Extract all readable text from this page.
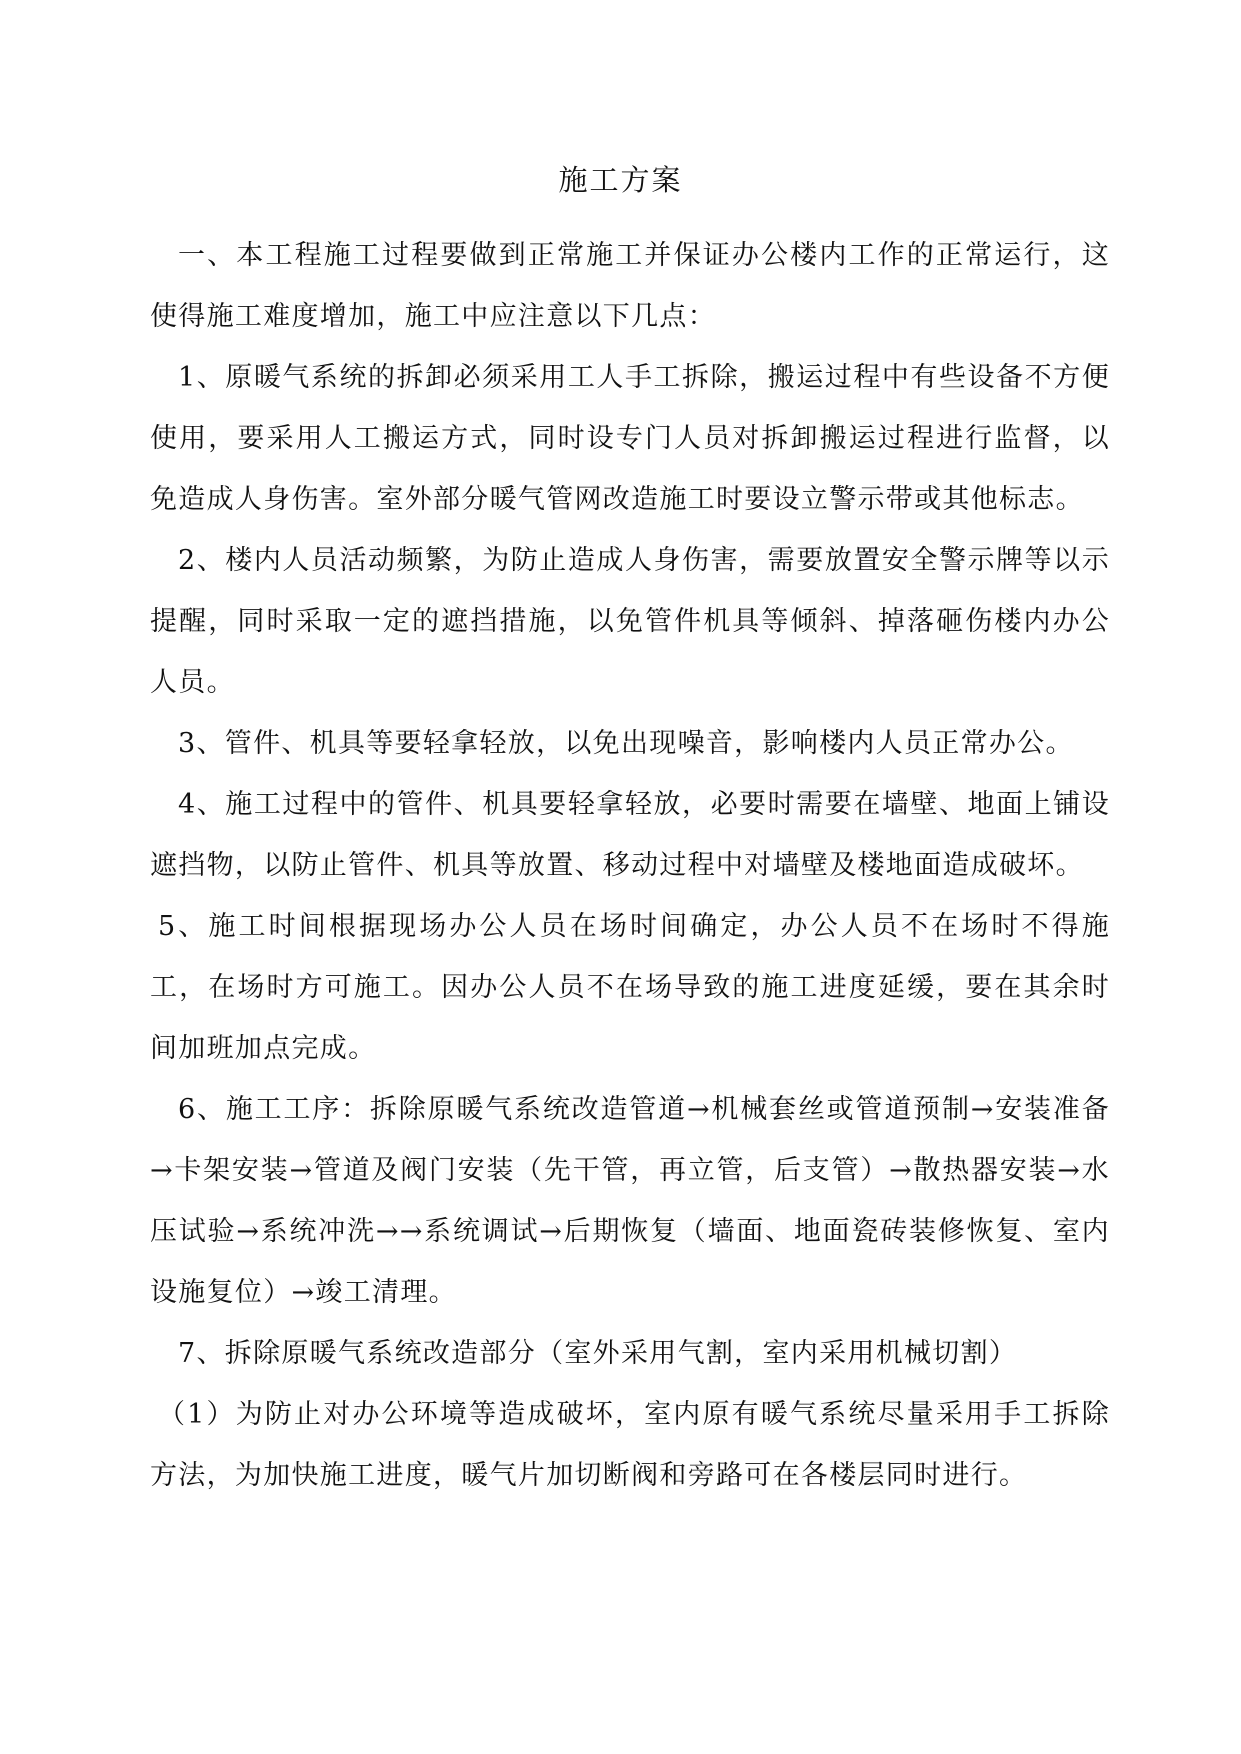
施工方案

一、本工程施工过程要做到正常施工并保证办公楼内工作的正常运行，这使得施工难度增加，施工中应注意以下几点：

1、原暖气系统的拆卸必须采用工人手工拆除，搬运过程中有些设备不方便使用，要采用人工搬运方式，同时设专门人员对拆卸搬运过程进行监督，以免造成人身伤害。室外部分暖气管网改造施工时要设立警示带或其他标志。

2、楼内人员活动频繁，为防止造成人身伤害，需要放置安全警示牌等以示提醒，同时采取一定的遮挡措施，以免管件机具等倾斜、掉落砸伤楼内办公人员。

3、管件、机具等要轻拿轻放，以免出现噪音，影响楼内人员正常办公。

4、施工过程中的管件、机具要轻拿轻放，必要时需要在墙壁、地面上铺设遮挡物，以防止管件、机具等放置、移动过程中对墙壁及楼地面造成破坏。

5、施工时间根据现场办公人员在场时间确定，办公人员不在场时不得施工，在场时方可施工。因办公人员不在场导致的施工进度延缓，要在其余时间加班加点完成。

6、施工工序：拆除原暖气系统改造管道→机械套丝或管道预制→安装准备→卡架安装→管道及阀门安装（先干管，再立管，后支管）→散热器安装→水压试验→系统冲洗→→系统调试→后期恢复（墙面、地面瓷砖装修恢复、室内设施复位）→竣工清理。

7、拆除原暖气系统改造部分（室外采用气割，室内采用机械切割）

（1）为防止对办公环境等造成破坏，室内原有暖气系统尽量采用手工拆除方法，为加快施工进度，暖气片加切断阀和旁路可在各楼层同时进行。
